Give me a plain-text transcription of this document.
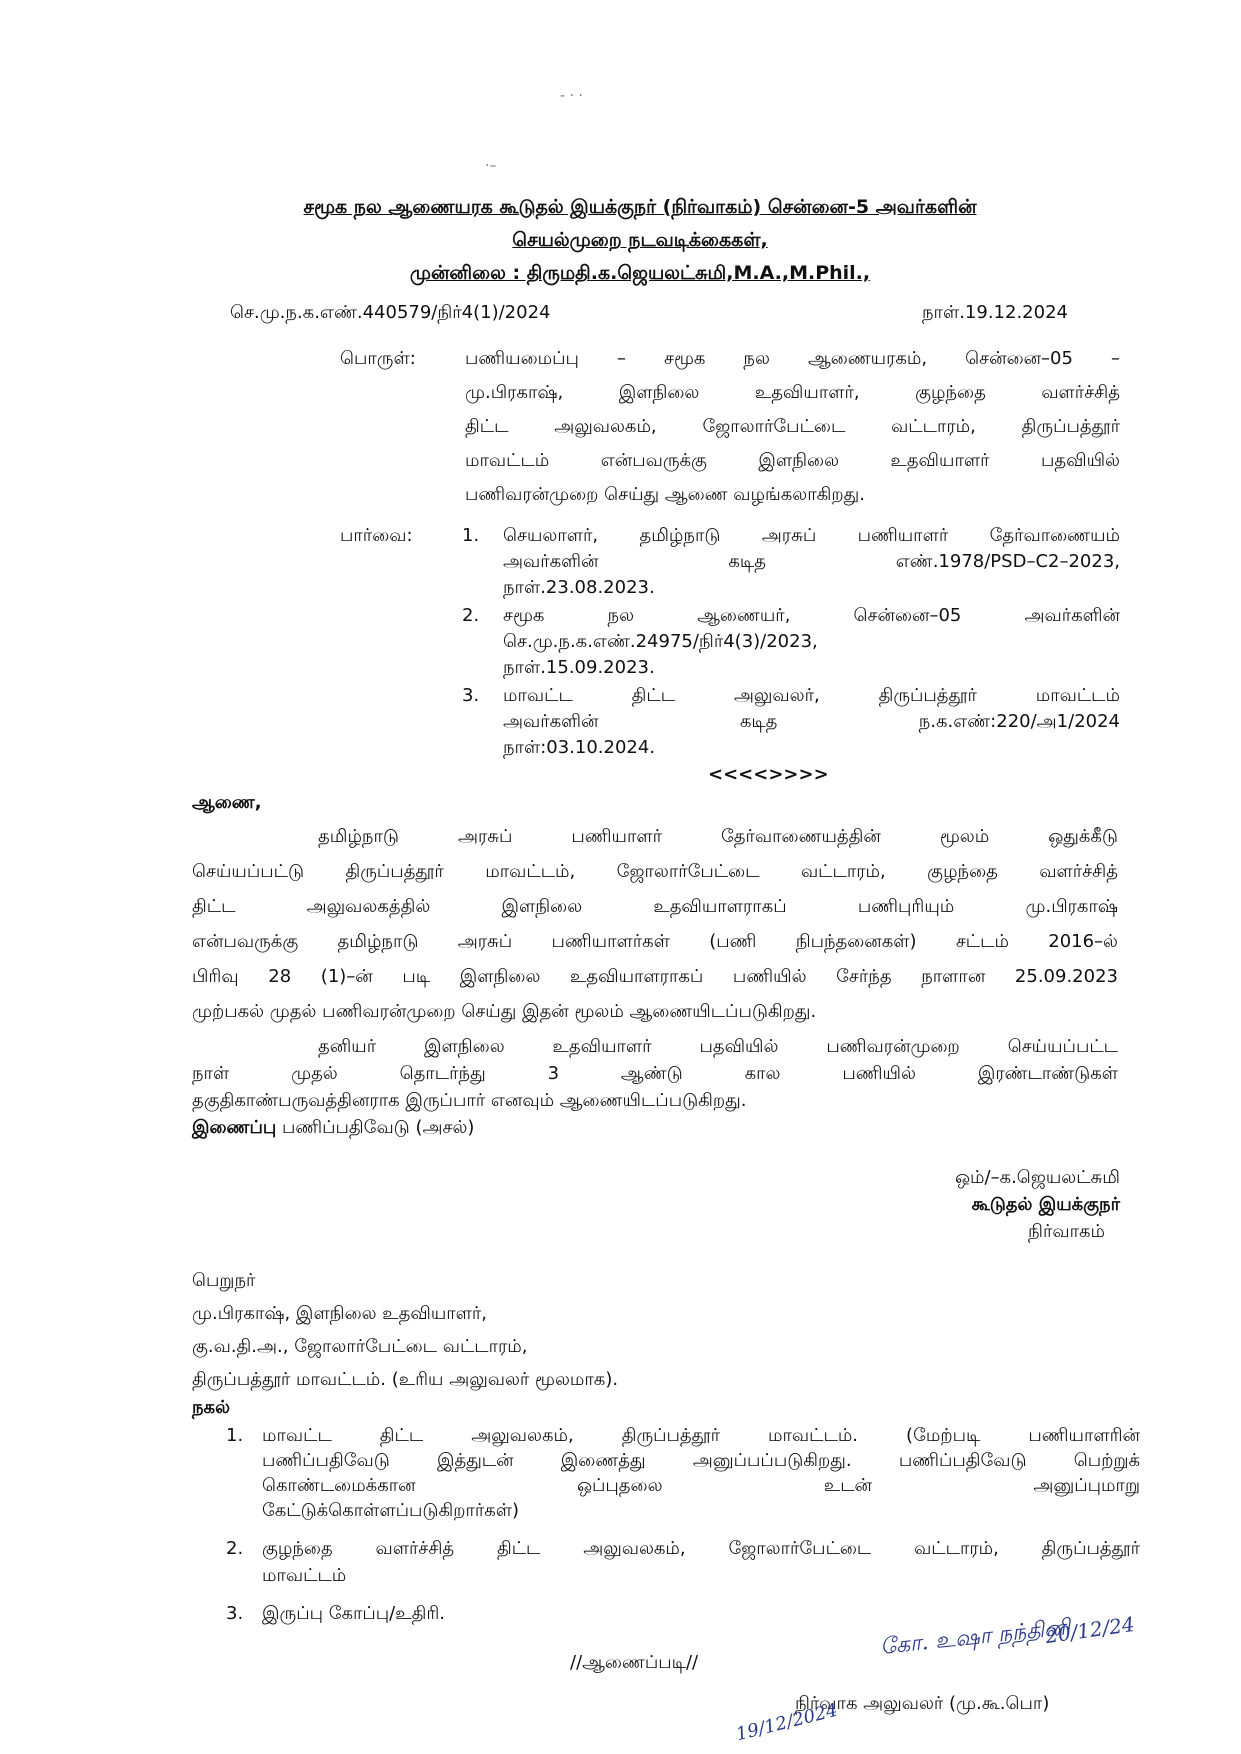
- · ·
·–
சமூக நல ஆணையரக கூடுதல் இயக்குநர் (நிர்வாகம்) சென்னை-5 அவர்களின்
செயல்முறை நடவடிக்கைகள்,
முன்னிலை : திருமதி.க.ஜெயலட்சுமி,M.A.,M.Phil.,
செ.மு.ந.க.எண்.440579/நிர்4(1)/2024	நாள்.19.12.2024
பொருள்:	பணியமைப்பு – சமூக நல ஆணையரகம், சென்னை–05 –
மு.பிரகாஷ், இளநிலை உதவியாளர், குழந்தை வளர்ச்சித்
திட்ட அலுவலகம், ஜோலார்பேட்டை வட்டாரம், திருப்பத்தூர்
மாவட்டம் என்பவருக்கு இளநிலை உதவியாளர் பதவியில்
பணிவரன்முறை செய்து ஆணை வழங்கலாகிறது.
பார்வை:	1. செயலாளர், தமிழ்நாடு அரசுப் பணியாளர் தேர்வாணையம்
அவர்களின் கடித எண்.1978/PSD–C2–2023,
நாள்.23.08.2023.
2. சமூக நல ஆணையர், சென்னை–05 அவர்களின்
செ.மு.ந.க.எண்.24975/நிர்4(3)/2023,
நாள்.15.09.2023.
3. மாவட்ட திட்ட அலுவலர், திருப்பத்தூர் மாவட்டம்
அவர்களின் கடித ந.க.எண்:220/அ1/2024
நாள்:03.10.2024.
<<<<>>>>
ஆணை,
தமிழ்நாடு அரசுப் பணியாளர் தேர்வாணையத்தின் மூலம் ஒதுக்கீடு
செய்யப்பட்டு திருப்பத்தூர் மாவட்டம், ஜோலார்பேட்டை வட்டாரம், குழந்தை வளர்ச்சித்
திட்ட அலுவலகத்தில் இளநிலை உதவியாளராகப் பணிபுரியும் மு.பிரகாஷ்
என்பவருக்கு தமிழ்நாடு அரசுப் பணியாளர்கள் (பணி நிபந்தனைகள்) சட்டம் 2016–ல்
பிரிவு 28 (1)–ன் படி இளநிலை உதவியாளராகப் பணியில் சேர்ந்த நாளான 25.09.2023
முற்பகல் முதல் பணிவரன்முறை செய்து இதன் மூலம் ஆணையிடப்படுகிறது.
தனியர் இளநிலை உதவியாளர் பதவியில் பணிவரன்முறை செய்யப்பட்ட
நாள் முதல் தொடர்ந்து 3 ஆண்டு கால பணியில் இரண்டாண்டுகள்
தகுதிகாண்பருவத்தினராக இருப்பார் எனவும் ஆணையிடப்படுகிறது.
இணைப்பு பணிப்பதிவேடு (அசல்)
ஒம்/–க.ஜெயலட்சுமி
கூடுதல் இயக்குநர்
நிர்வாகம்
பெறுநர்
மு.பிரகாஷ், இளநிலை உதவியாளர்,
கு.வ.தி.அ., ஜோலார்பேட்டை வட்டாரம்,
திருப்பத்தூர் மாவட்டம். (உரிய அலுவலர் மூலமாக).
நகல்
1. மாவட்ட திட்ட அலுவலகம், திருப்பத்தூர் மாவட்டம். (மேற்படி பணியாளரின்
பணிப்பதிவேடு இத்துடன் இணைத்து அனுப்பப்படுகிறது. பணிப்பதிவேடு பெற்றுக்
கொண்டமைக்கான ஒப்புதலை உடன் அனுப்புமாறு
கேட்டுக்கொள்ளப்படுகிறார்கள்)
2. குழந்தை வளர்ச்சித் திட்ட அலுவலகம், ஜோலார்பேட்டை வட்டாரம், திருப்பத்தூர்
மாவட்டம்
3. இருப்பு கோப்பு/உதிரி.
//ஆணைப்படி//
கோ. உஷா நந்தினி
20/12/24
நிர்வாக அலுவலர் (மு.கூ.பொ)
19/12/2024
